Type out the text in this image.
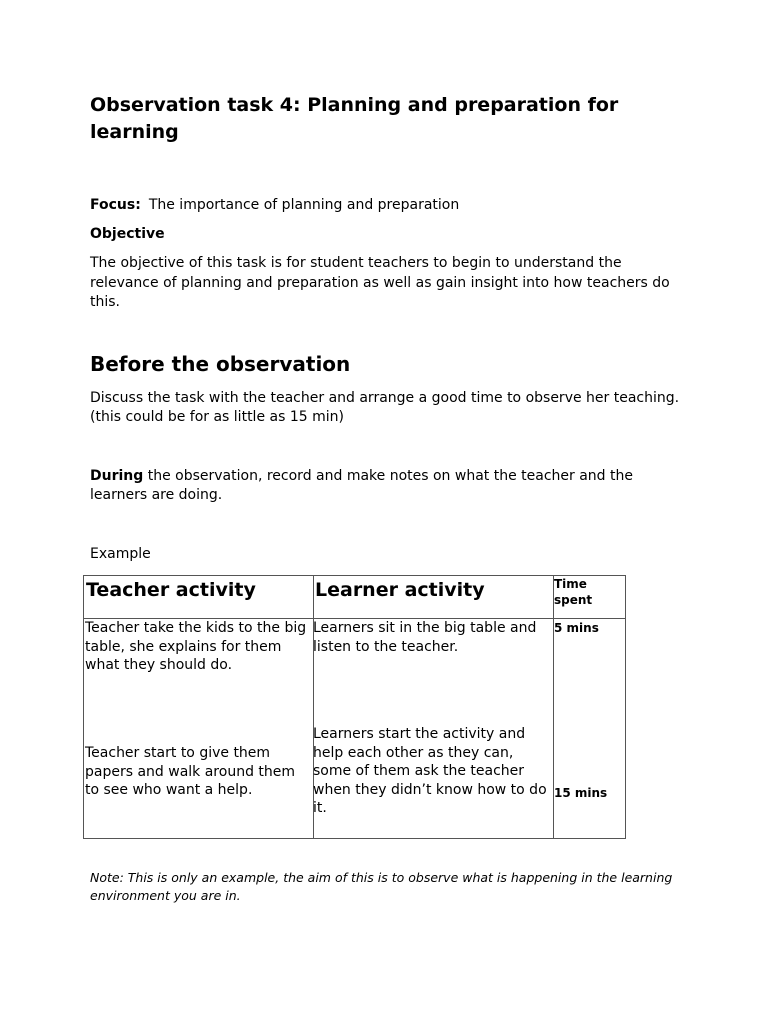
Observation task 4: Planning and preparation for learning
Focus: The importance of planning and preparation
Objective
The objective of this task is for student teachers to begin to understand the relevance of planning and preparation as well as gain insight into how teachers do this.
Before the observation
Discuss the task with the teacher and arrange a good time to observe her teaching. (this could be for as little as 15 min)
During the observation, record and make notes on what the teacher and the learners are doing.
Example
Teacher activity	Learner activity	Time spent
Teacher take the kids to the big table, she explains for them what they should do.
Learners sit in the big table and listen to the teacher.
5 mins
Teacher start to give them papers and walk around them to see who want a help.
Learners start the activity and help each other as they can, some of them ask the teacher when they didn’t know how to do it.
15 mins
Note: This is only an example, the aim of this is to observe what is happening in the learning environment you are in.
